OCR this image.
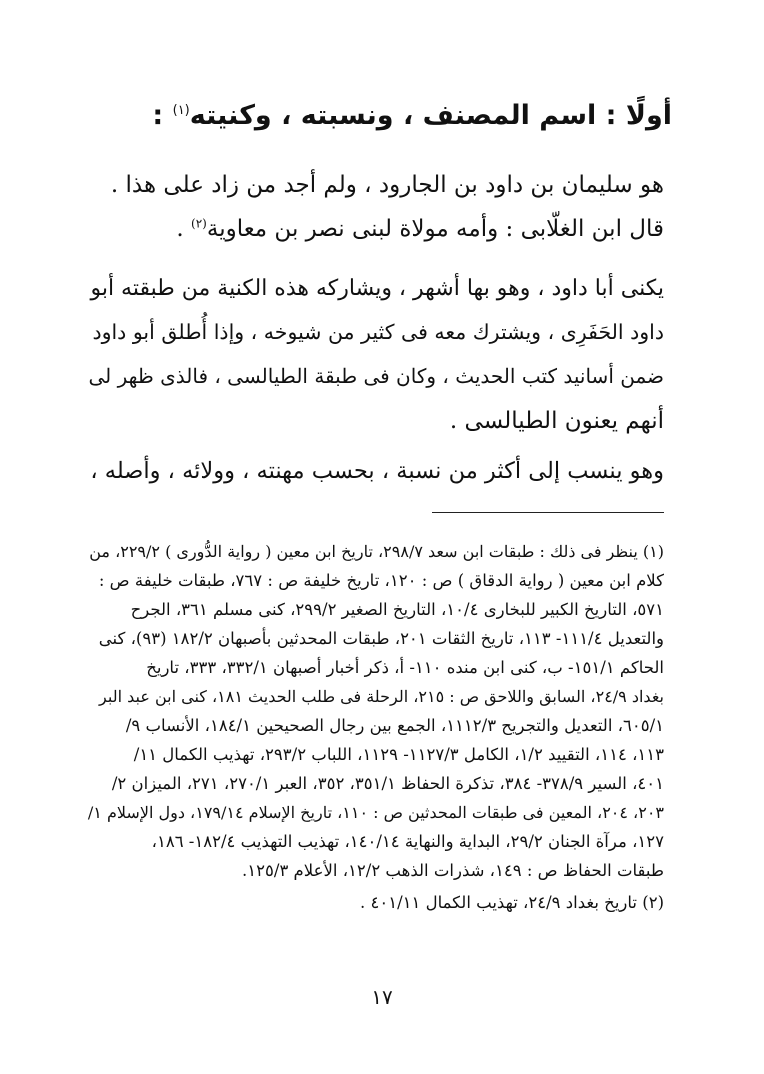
أولًا : اسم المصنف ، ونسبته ، وكنيته$^{(١)}$ :
هو سليمان بن داود بن الجارود ، ولم أجد من زاد على هذا .
قال ابن الغلّابى : وأمه مولاة لبنى نصر بن معاوية$^{(٢)}$ .
يكنى أبا داود ، وهو بها أشهر ، ويشاركه هذه الكنية من طبقته أبو
داود الحَفَرِى ، ويشترك معه فى كثير من شيوخه ، وإذا أُطلق أبو داود
ضمن أسانيد كتب الحديث ، وكان فى طبقة الطيالسى ، فالذى ظهر لى
أنهم يعنون الطيالسى .
وهو ينسب إلى أكثر من نسبة ، بحسب مهنته ، وولائه ، وأصله ،
(١) ينظر فى ذلك : طبقات ابن سعد ٢٩٨/٧، تاريخ ابن معين ( رواية الدُّورى ) ٢٢٩/٢، من
كلام ابن معين ( رواية الدقاق ) ص : ١٢٠، تاريخ خليفة ص : ٧٦٧، طبقات خليفة ص :
٥٧١، التاريخ الكبير للبخارى ١٠/٤، التاريخ الصغير ٢٩٩/٢، كنى مسلم ٣٦١، الجرح
والتعديل ١١١/٤- ١١٣، تاريخ الثقات ٢٠١، طبقات المحدثين بأصبهان ١٨٢/٢ (٩٣)، كنى
الحاكم ١٥١/١- ب، كنى ابن منده ١١٠- أ، ذكر أخبار أصبهان ٣٣٢/١، ٣٣٣، تاريخ
بغداد ٢٤/٩، السابق واللاحق ص : ٢١٥، الرحلة فى طلب الحديث ١٨١، كنى ابن عبد البر
٦٠٥/١، التعديل والتجريح ١١١٢/٣، الجمع بين رجال الصحيحين ١٨٤/١، الأنساب ٩/
١١٣، ١١٤، التقييد ١/٢، الكامل ١١٢٧/٣- ١١٢٩، اللباب ٢٩٣/٢، تهذيب الكمال ١١/
٤٠١، السير ٣٧٨/٩- ٣٨٤، تذكرة الحفاظ ٣٥١/١، ٣٥٢، العبر ٢٧٠/١، ٢٧١، الميزان ٢/
٢٠٣، ٢٠٤، المعين فى طبقات المحدثين ص : ١١٠، تاريخ الإسلام ١٧٩/١٤، دول الإسلام ١/
١٢٧، مرآة الجنان ٢٩/٢، البداية والنهاية ١٤٠/١٤، تهذيب التهذيب ١٨٢/٤- ١٨٦،
طبقات الحفاظ ص : ١٤٩، شذرات الذهب ١٢/٢، الأعلام ١٢٥/٣.
(٢) تاريخ بغداد ٢٤/٩، تهذيب الكمال ٤٠١/١١ .
١٧
